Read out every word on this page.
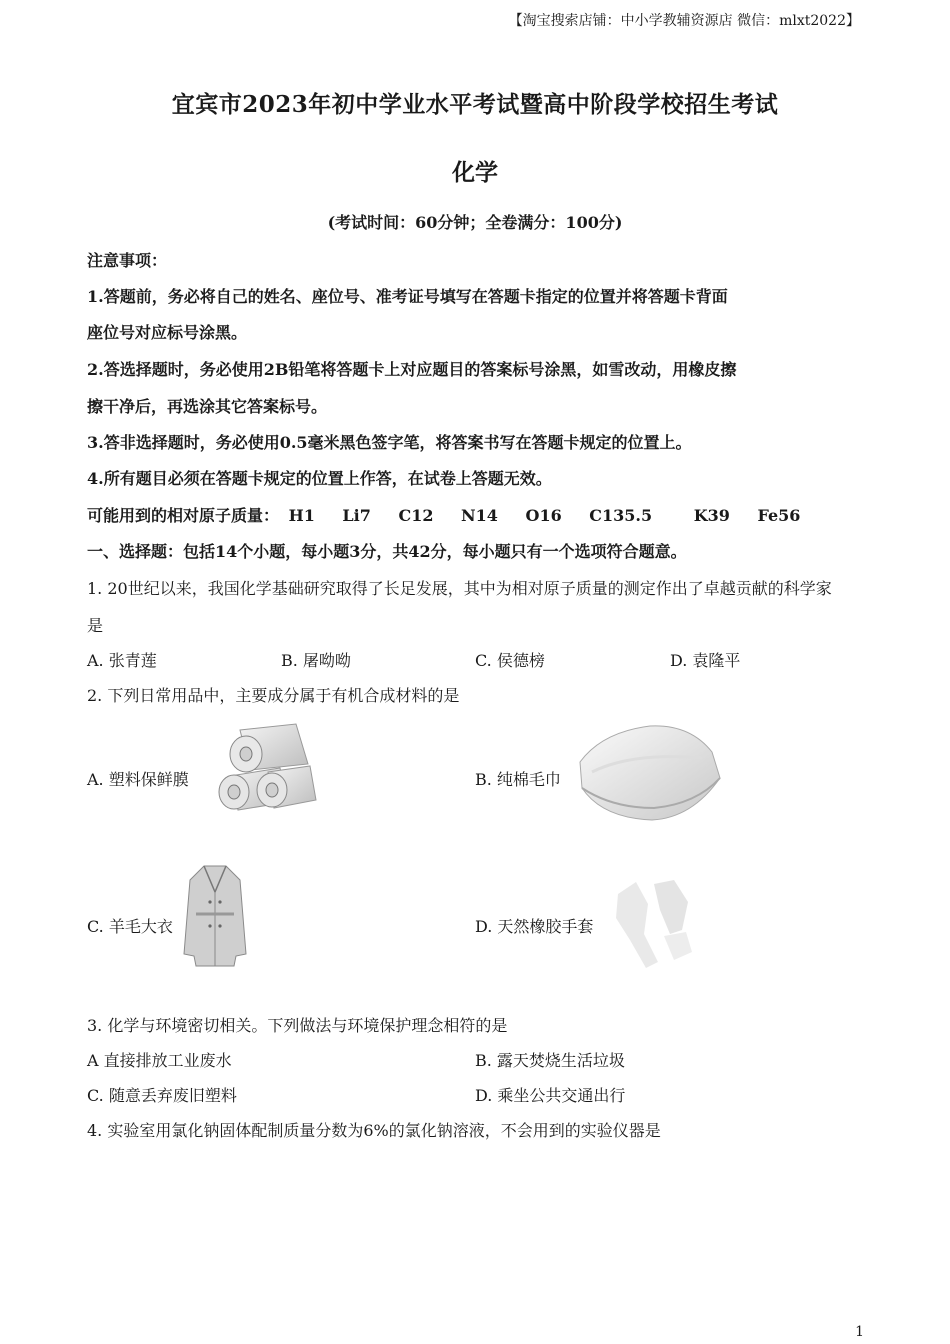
【淘宝搜索店铺：中小学教辅资源店 微信：mlxt2022】
宜宾市2023年初中学业水平考试暨高中阶段学校招生考试
化学
(考试时间：60分钟；全卷满分：100分)
注意事项：
1.答题前，务必将自己的姓名、座位号、准考证号填写在答题卡指定的位置并将答题卡背面
座位号对应标号涂黑。
2.答选择题时，务必使用2B铅笔将答题卡上对应题目的答案标号涂黑，如雪改动，用橡皮擦
擦干净后，再选涂其它答案标号。
3.答非选择题时，务必使用0.5毫米黑色签字笔，将答案书写在答题卡规定的位置上。
4.所有题目必须在答题卡规定的位置上作答，在试卷上答题无效。
可能用到的相对原子质量： H1 Li7 C12 N14 O16 C135.5	K39 Fe56
一、选择题：包括14个小题，每小题3分，共42分，每小题只有一个选项符合题意。
1. 20世纪以来，我国化学基础研究取得了长足发展，其中为相对原子质量的测定作出了卓越贡献的科学家
是
A. 张青莲	B. 屠呦呦	C. 侯德榜	D. 袁隆平
2. 下列日常用品中，主要成分属于有机合成材料的是
A. 塑料保鲜膜	B. 纯棉毛巾
C. 羊毛大衣	D. 天然橡胶手套
3. 化学与环境密切相关。下列做法与环境保护理念相符的是
A 直接排放工业废水	B. 露天焚烧生活垃圾
C. 随意丢弃废旧塑料	D. 乘坐公共交通出行
4. 实验室用氯化钠固体配制质量分数为6%的氯化钠溶液，不会用到的实验仪器是
1
